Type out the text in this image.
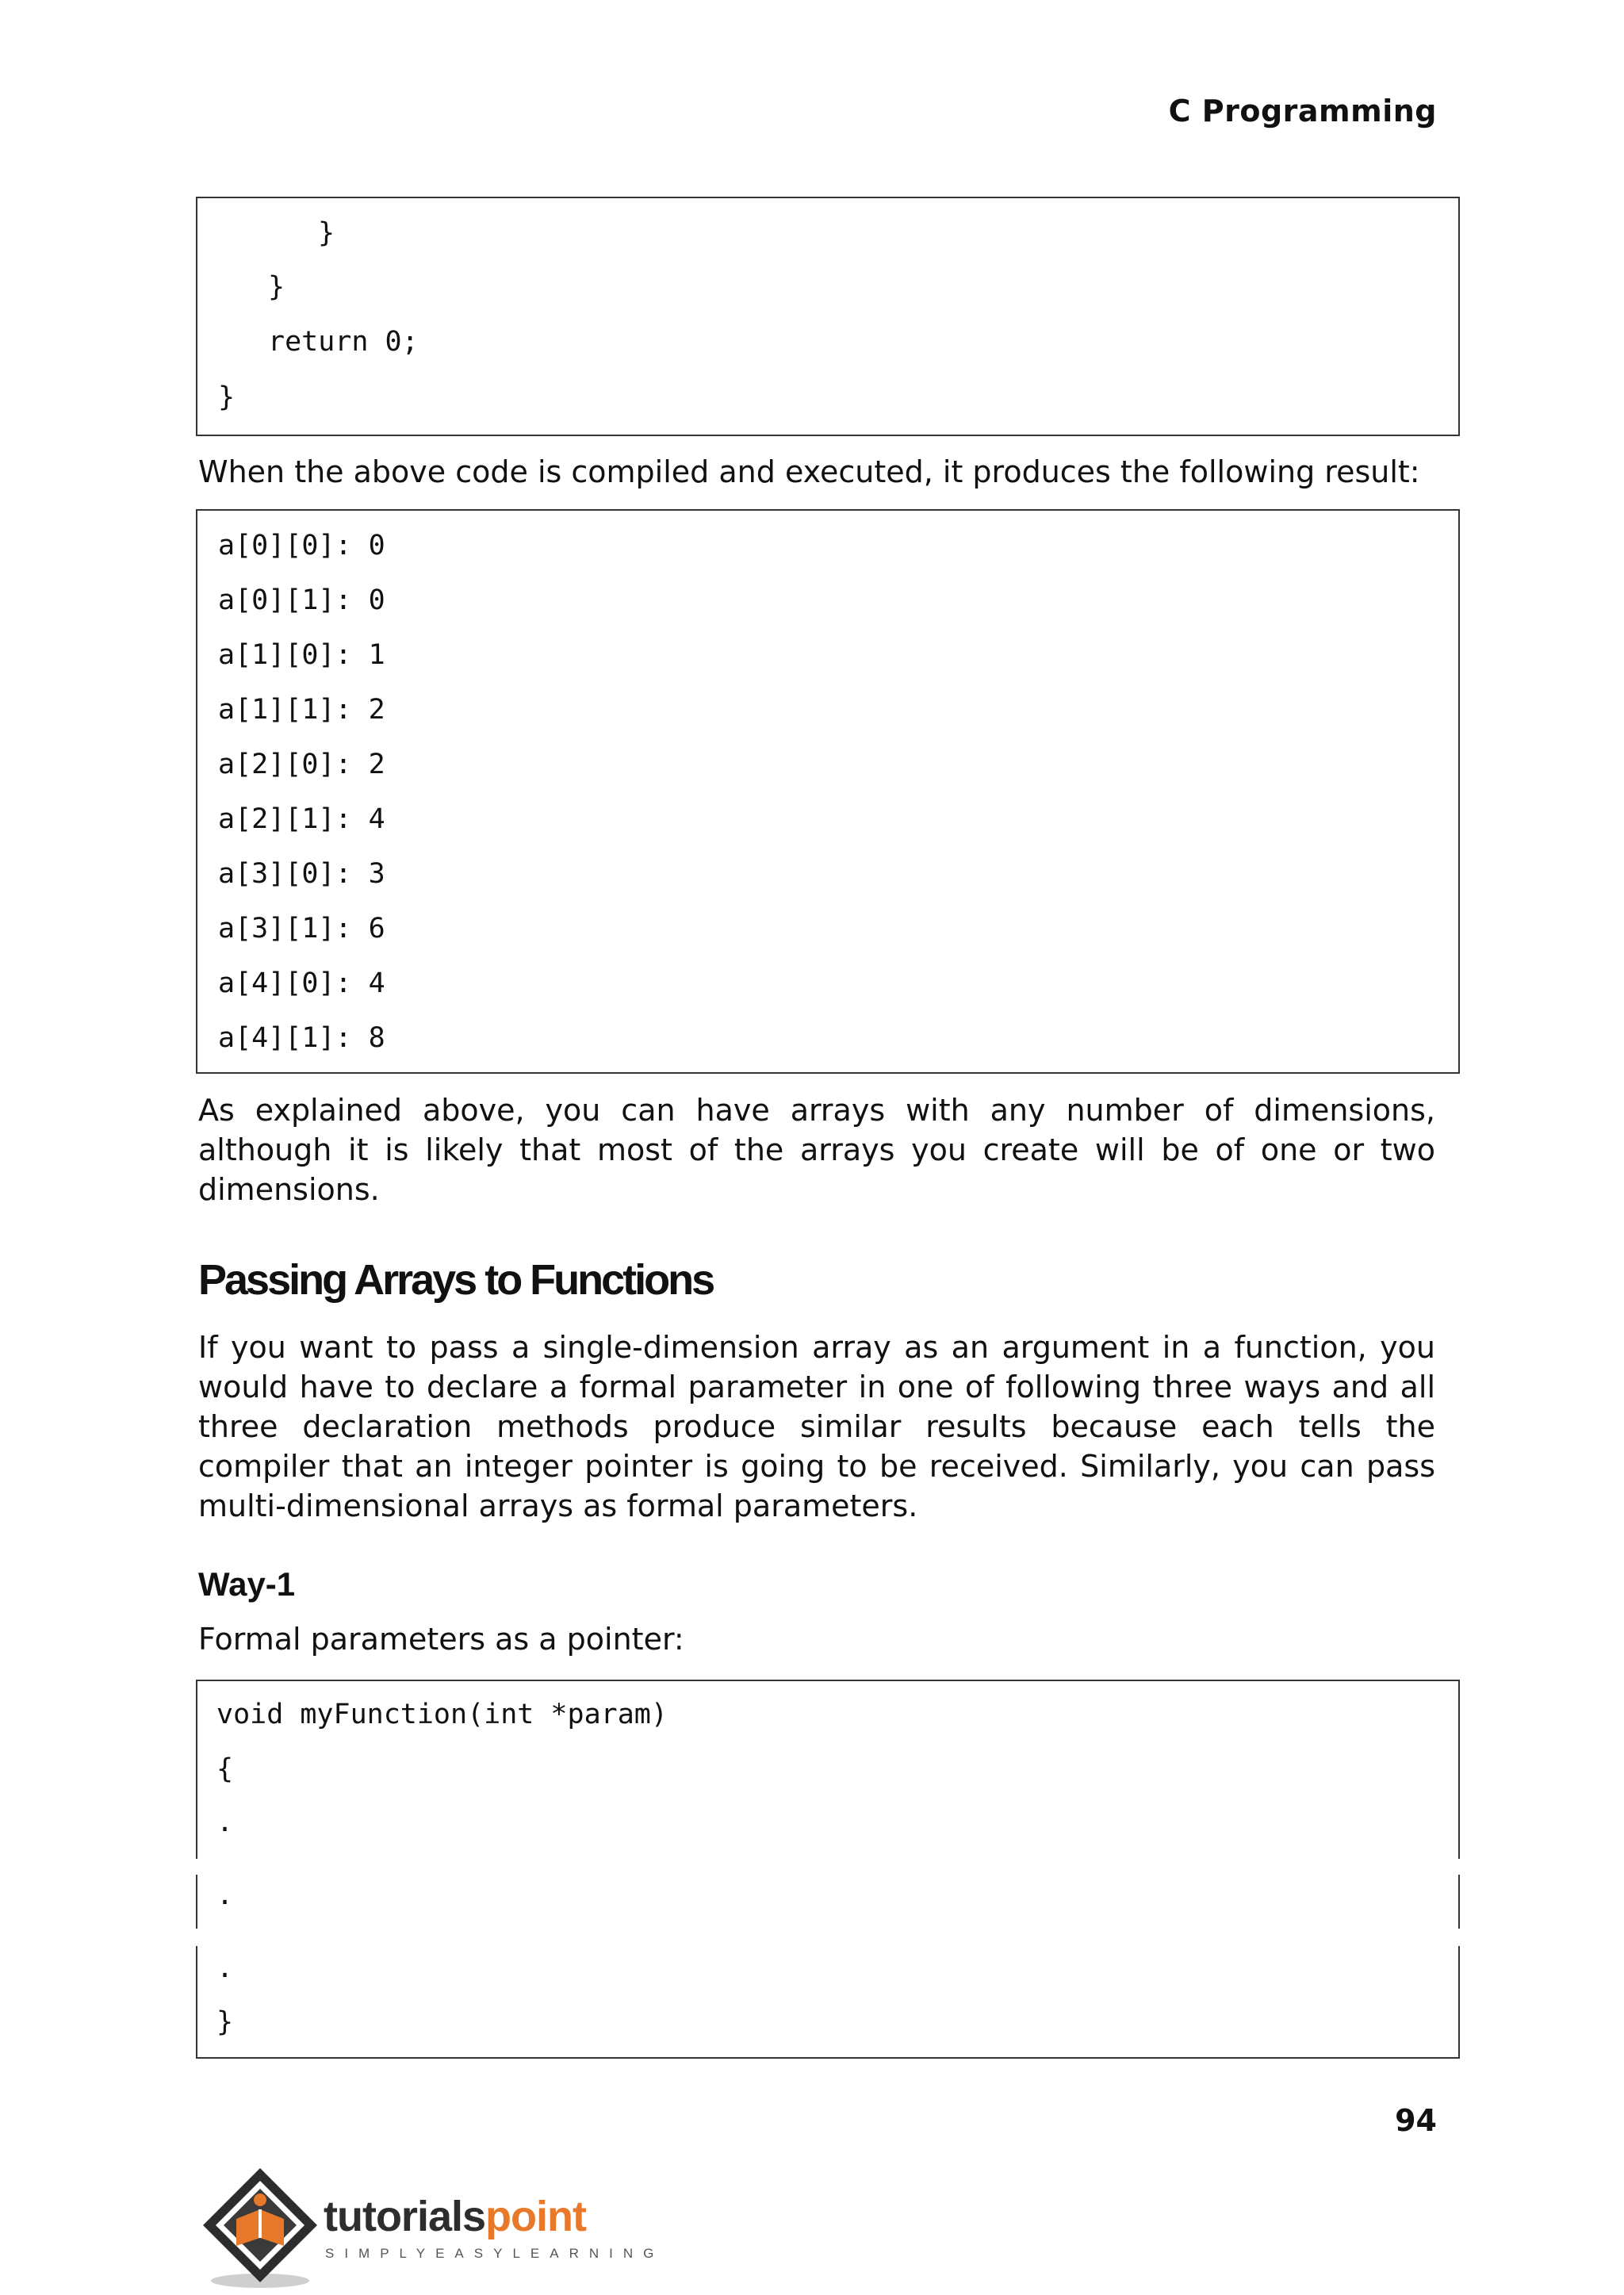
C Programming
}
}
return 0;
}
When the above code is compiled and executed, it produces the following result:
a[0][0]: 0
a[0][1]: 0
a[1][0]: 1
a[1][1]: 2
a[2][0]: 2
a[2][1]: 4
a[3][0]: 3
a[3][1]: 6
a[4][0]: 4
a[4][1]: 8
As explained above, you can have arrays with any number of dimensions,
although it is likely that most of the arrays you create will be of one or two
dimensions.
Passing Arrays to Functions
If you want to pass a single-dimension array as an argument in a function, you
would have to declare a formal parameter in one of following three ways and all
three declaration methods produce similar results because each tells the
compiler that an integer pointer is going to be received. Similarly, you can pass
multi-dimensional arrays as formal parameters.
Way-1
Formal parameters as a pointer:
void myFunction(int *param)
{
.
.
.
}
94
tutorialspoint
SIMPLYEASYLEARNING
